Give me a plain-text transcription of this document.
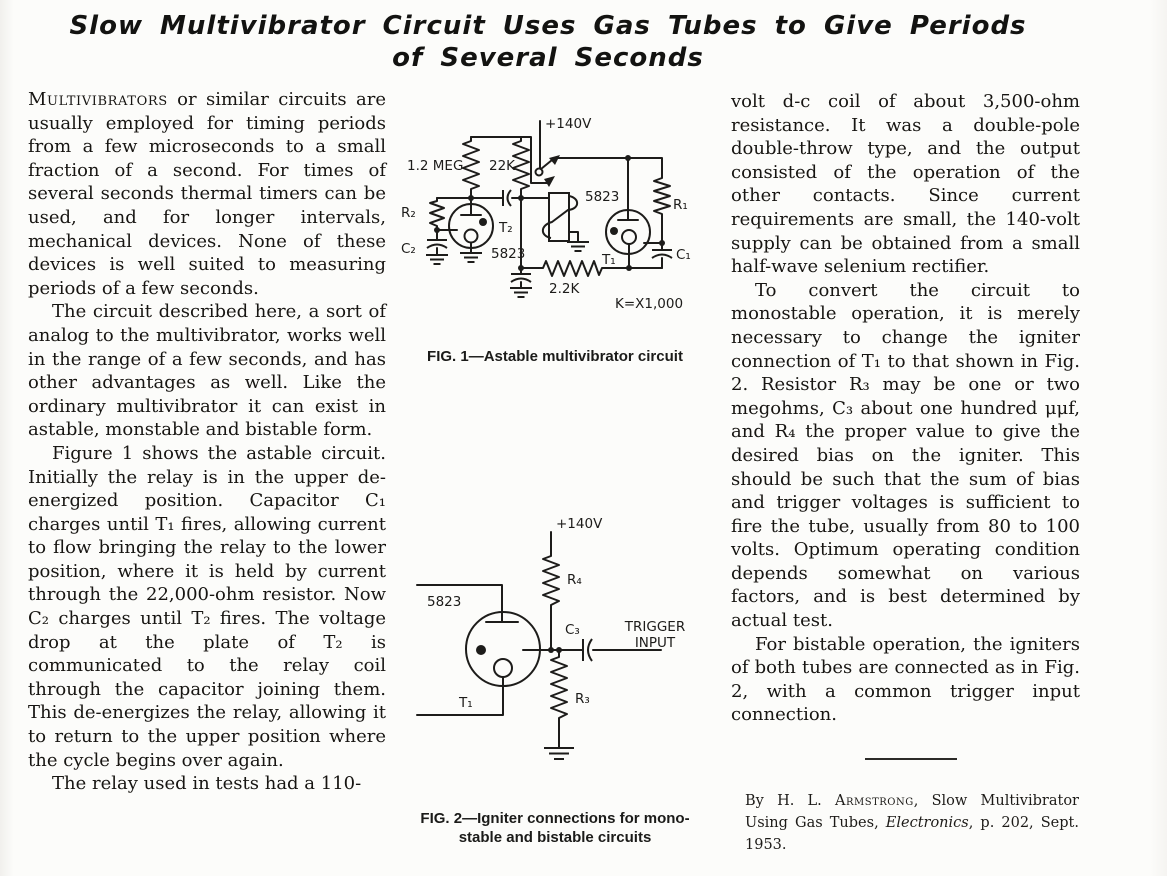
Slow Multivibrator Circuit Uses Gas Tubes to Give Periods
of Several Seconds

Multivibrators or similar circuits are usually employed for timing periods from a few microseconds to a small fraction of a second. For times of several seconds thermal timers can be used, and for longer intervals, mechanical devices. None of these devices is well suited to measuring periods of a few seconds.

The circuit described here, a sort of analog to the multivibrator, works well in the range of a few seconds, and has other advantages as well. Like the ordinary multivibrator it can exist in astable, monstable and bistable form.

Figure 1 shows the astable circuit. Initially the relay is in the upper de-energized position. Capacitor C₁ charges until T₁ fires, allowing current to flow bringing the relay to the lower position, where it is held by current through the 22,000-ohm resistor. Now C₂ charges until T₂ fires. The voltage drop at the plate of T₂ is communicated to the relay coil through the capacitor joining them. This de-energizes the relay, allowing it to return to the upper position where the cycle begins over again.

The relay used in tests had a 110-

+140V
1.2 MEG 22K
R₂
C₂
T₂
5823
5823	R₁
C₁
T₁
2.2K
K=X1,000
FIG. 1—Astable multivibrator circuit
+140V
R₄
5823
C₃	TRIGGER
INPUT
T₁	R₃
FIG. 2—Igniter connections for mono-
stable and bistable circuits

volt d-c coil of about 3,500-ohm resistance. It was a double-pole double-throw type, and the output consisted of the operation of the other contacts. Since current requirements are small, the 140-volt supply can be obtained from a small half-wave selenium rectifier.

To convert the circuit to monostable operation, it is merely necessary to change the igniter connection of T₁ to that shown in Fig. 2. Resistor R₃ may be one or two megohms, C₃ about one hundred μμf, and R₄ the proper value to give the desired bias on the igniter. This should be such that the sum of bias and trigger voltages is sufficient to fire the tube, usually from 80 to 100 volts. Optimum operating condition depends somewhat on various factors, and is best determined by actual test.

For bistable operation, the igniters of both tubes are connected as in Fig. 2, with a common trigger input connection.

By H. L. Armstrong, Slow Multivibrator Using Gas Tubes, Electronics, p. 202, Sept. 1953.
